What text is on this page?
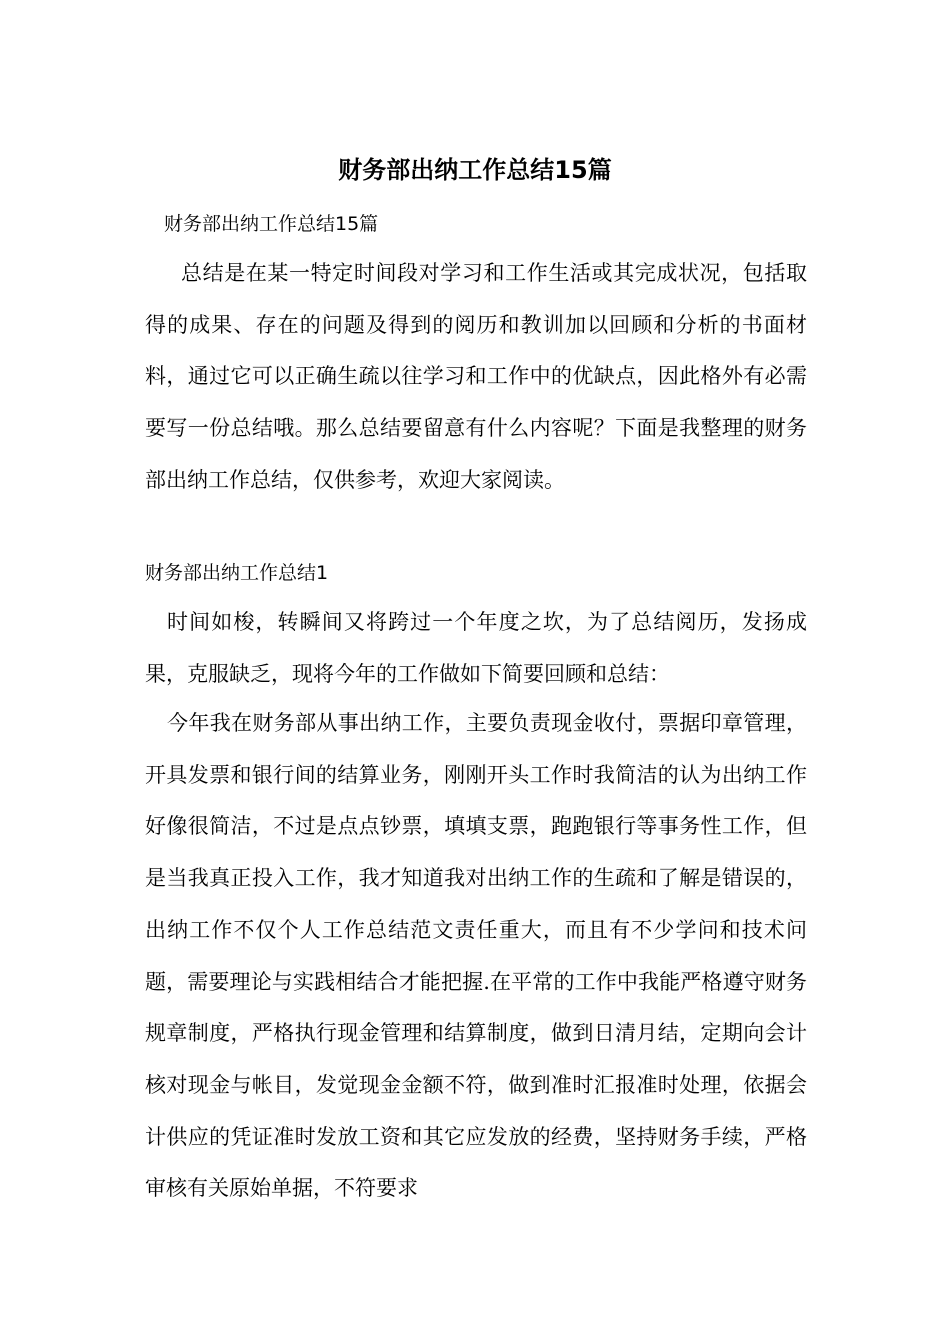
财务部出纳工作总结15篇

财务部出纳工作总结15篇

总结是在某一特定时间段对学习和工作生活或其完成状况，包括取得的成果、存在的问题及得到的阅历和教训加以回顾和分析的书面材料，通过它可以正确生疏以往学习和工作中的优缺点，因此格外有必需要写一份总结哦。那么总结要留意有什么内容呢？下面是我整理的财务部出纳工作总结，仅供参考，欢迎大家阅读。

财务部出纳工作总结1

时间如梭，转瞬间又将跨过一个年度之坎，为了总结阅历，发扬成果，克服缺乏，现将今年的工作做如下简要回顾和总结：

今年我在财务部从事出纳工作，主要负责现金收付，票据印章管理，开具发票和银行间的结算业务，刚刚开头工作时我简洁的认为出纳工作好像很简洁，不过是点点钞票，填填支票，跑跑银行等事务性工作，但是当我真正投入工作，我才知道我对出纳工作的生疏和了解是错误的，出纳工作不仅个人工作总结范文责任重大，而且有不少学问和技术问题，需要理论与实践相结合才能把握.在平常的工作中我能严格遵守财务规章制度，严格执行现金管理和结算制度，做到日清月结，定期向会计核对现金与帐目，发觉现金金额不符，做到准时汇报准时处理，依据会计供应的凭证准时发放工资和其它应发放的经费，坚持财务手续，严格审核有关原始单据，不符要求
